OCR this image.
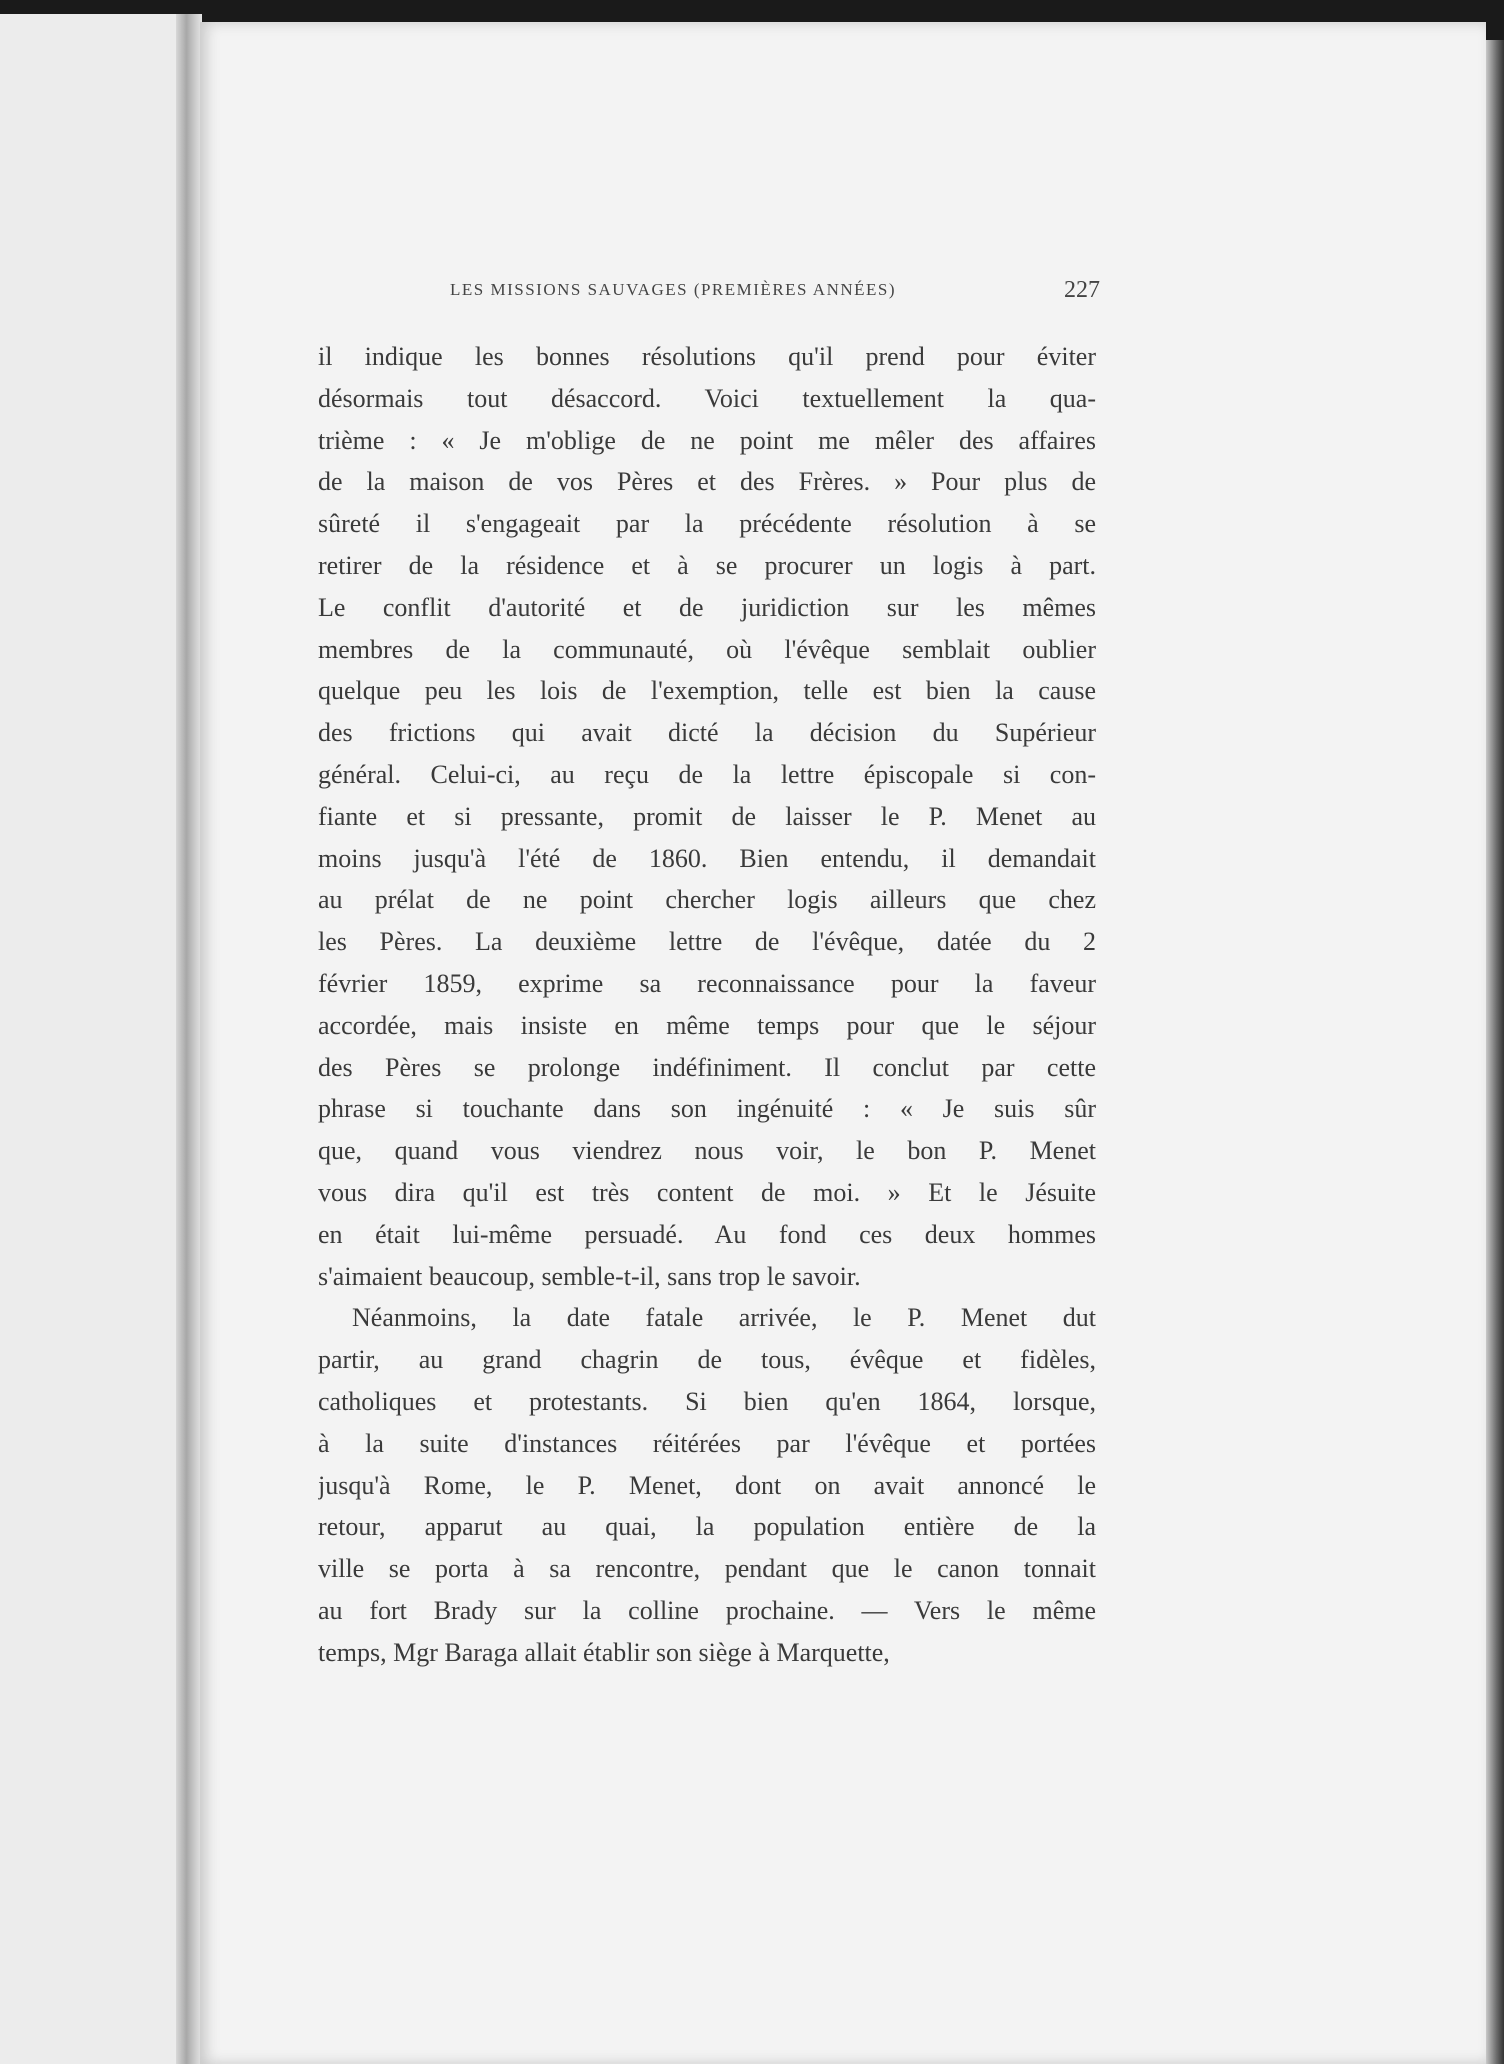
LES MISSIONS SAUVAGES (PREMIÈRES ANNÉES)	227
il indique les bonnes résolutions qu'il prend pour éviter
désormais tout désaccord. Voici textuellement la qua-
trième : « Je m'oblige de ne point me mêler des affaires
de la maison de vos Pères et des Frères. » Pour plus de
sûreté il s'engageait par la précédente résolution à se
retirer de la résidence et à se procurer un logis à part.
Le conflit d'autorité et de juridiction sur les mêmes
membres de la communauté, où l'évêque semblait oublier
quelque peu les lois de l'exemption, telle est bien la cause
des frictions qui avait dicté la décision du Supérieur
général. Celui-ci, au reçu de la lettre épiscopale si con-
fiante et si pressante, promit de laisser le P. Menet au
moins jusqu'à l'été de 1860. Bien entendu, il demandait
au prélat de ne point chercher logis ailleurs que chez
les Pères. La deuxième lettre de l'évêque, datée du 2
février 1859, exprime sa reconnaissance pour la faveur
accordée, mais insiste en même temps pour que le séjour
des Pères se prolonge indéfiniment. Il conclut par cette
phrase si touchante dans son ingénuité : « Je suis sûr
que, quand vous viendrez nous voir, le bon P. Menet
vous dira qu'il est très content de moi. » Et le Jésuite
en était lui-même persuadé. Au fond ces deux hommes
s'aimaient beaucoup, semble-t-il, sans trop le savoir.
Néanmoins, la date fatale arrivée, le P. Menet dut
partir, au grand chagrin de tous, évêque et fidèles,
catholiques et protestants. Si bien qu'en 1864, lorsque,
à la suite d'instances réitérées par l'évêque et portées
jusqu'à Rome, le P. Menet, dont on avait annoncé le
retour, apparut au quai, la population entière de la
ville se porta à sa rencontre, pendant que le canon tonnait
au fort Brady sur la colline prochaine. — Vers le même
temps, Mgr Baraga allait établir son siège à Marquette,
